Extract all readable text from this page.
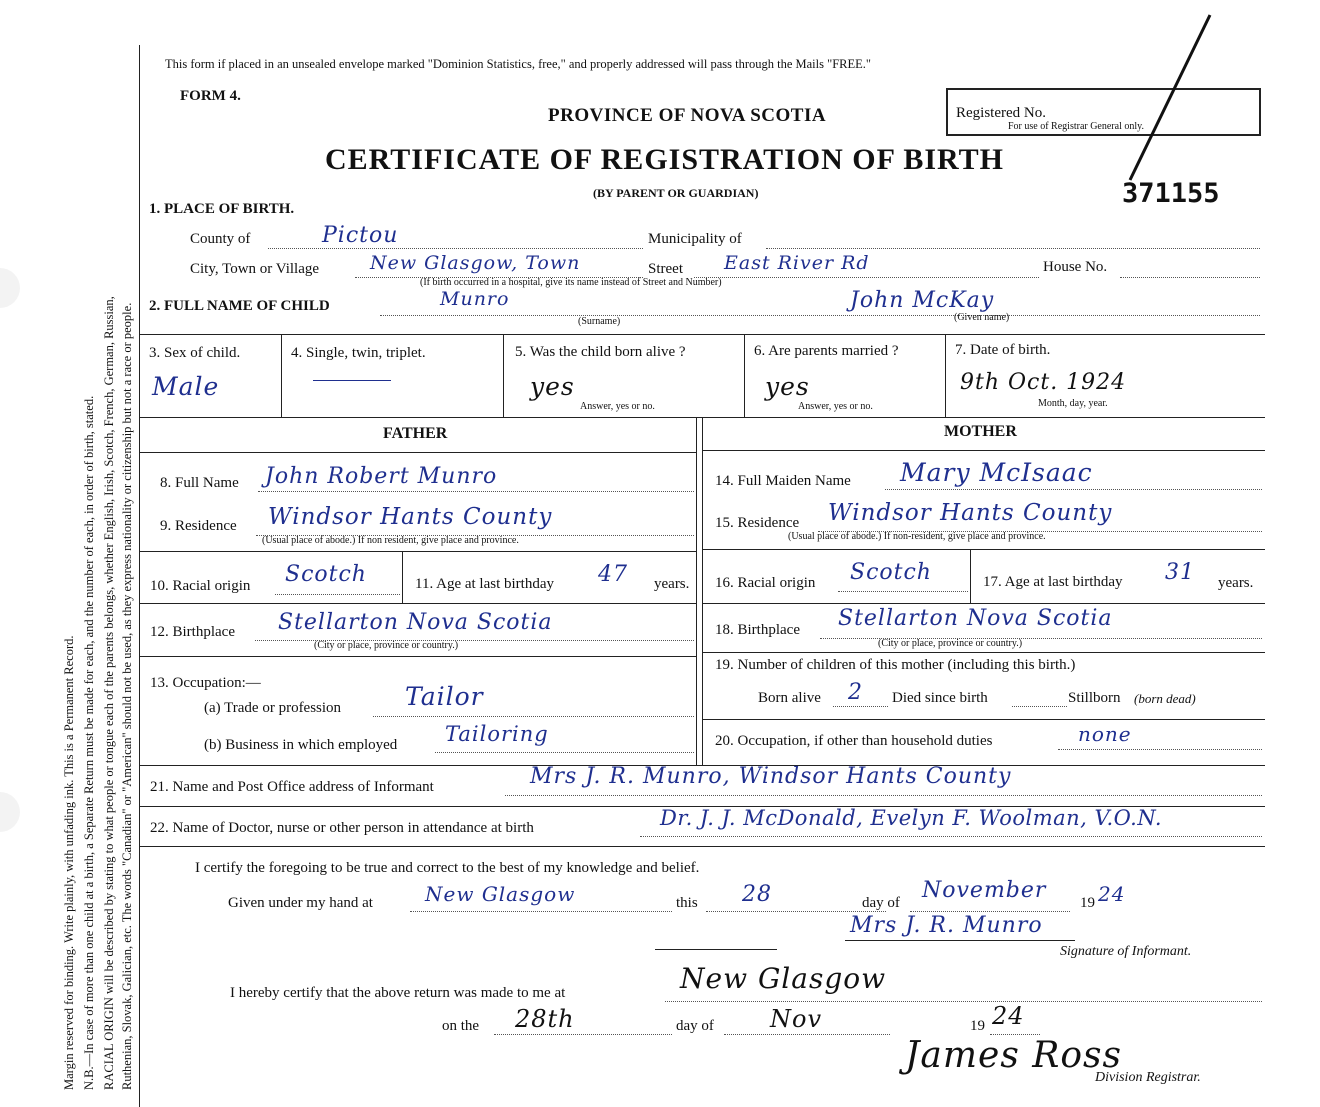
Margin reserved for binding. Write plainly, with unfading ink. This is a Permanent Record. N.B.—In case of more than one child at a birth, a Separate Return must be made for each, and the number of each, in order of birth, stated. RACIAL ORIGIN will be described by stating to what people or tongue each of the parents belongs, whether English, Irish, Scotch, French, German, Russian, Ruthenian, Slovak, Galician, etc. The words "Canadian" or "American" should not be used, as they express nationality or citizenship but not a race or people.
This form if placed in an unsealed envelope marked "Dominion Statistics, free," and properly addressed will pass through the Mails "FREE."
FORM 4.
PROVINCE OF NOVA SCOTIA
CERTIFICATE OF REGISTRATION OF BIRTH
(BY PARENT OR GUARDIAN)
Registered No.
For use of Registrar General only.
371155
1. PLACE OF BIRTH.
County of	Pictou	Municipality of
City, Town or Village	New Glasgow, Town	Street East River Rd	House No.
(If birth occurred in a hospital, give its name instead of Street and Number)
2. FULL NAME OF CHILD	Munro
(Surname)
John McKay
(Given name)
3. Sex of child.
Male
4. Single, twin, triplet.	5. Was the child born alive ?
yes
Answer, yes or no.
6. Are parents married ?
yes
Answer, yes or no.
7. Date of birth.
9th Oct. 1924
Month, day, year.
FATHER
8. Full Name John Robert Munro
9. Residence Windsor Hants County
(Usual place of abode.) If non resident, give place and province.
10. Racial origin Scotch	11. Age at last birthday 47 years.
12. Birthplace Stellarton Nova Scotia
(City or place, province or country.)
13. Occupation:—
(a) Trade or profession	Tailor
(b) Business in which employed Tailoring
MOTHER
14. Full Maiden Name Mary McIsaac
15. Residence Windsor Hants County
(Usual place of abode.) If non-resident, give place and province.
16. Racial origin Scotch	17. Age at last birthday 31 years.
18. Birthplace Stellarton Nova Scotia
(City or place, province or country.)
19. Number of children of this mother (including this birth.)
Born alive 2 Died since birth	Stillborn (born dead)
20. Occupation, if other than household duties	none
21. Name and Post Office address of Informant	Mrs J. R. Munro, Windsor Hants County
22. Name of Doctor, nurse or other person in attendance at birth	Dr. J. J. McDonald, Evelyn F. Woolman, V.O.N.
I certify the foregoing to be true and correct to the best of my knowledge and belief.
Given under my hand at	New Glasgow	this 28	day of November 19 24
Mrs J. R. Munro
Signature of Informant.
I hereby certify that the above return was made to me at	New Glasgow
on the 28th	day of Nov	19 24
James Ross
Division Registrar.
